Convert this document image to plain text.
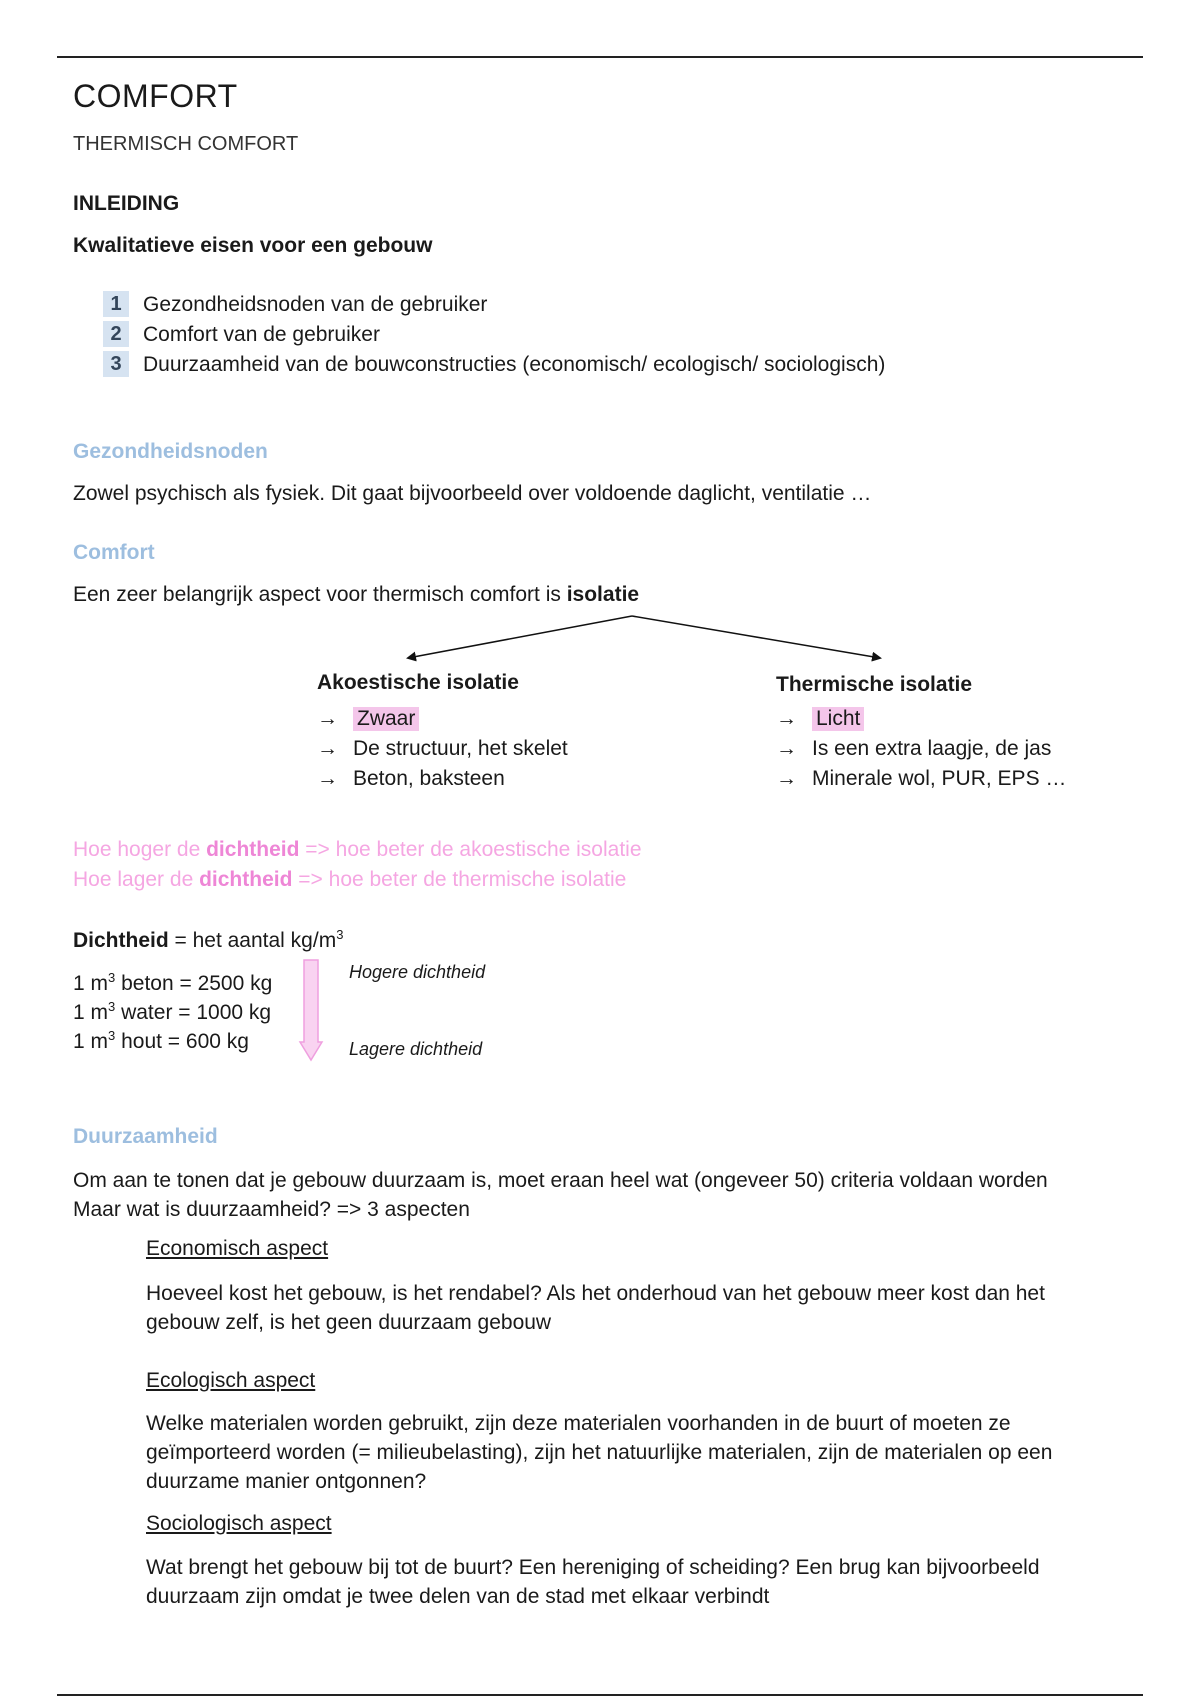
COMFORT
THERMISCH COMFORT
INLEIDING
Kwalitatieve eisen voor een gebouw
1	Gezondheidsnoden van de gebruiker
2	Comfort van de gebruiker
3	Duurzaamheid van de bouwconstructies (economisch/ ecologisch/ sociologisch)
Gezondheidsnoden
Zowel psychisch als fysiek. Dit gaat bijvoorbeeld over voldoende daglicht, ventilatie …
Comfort
Een zeer belangrijk aspect voor thermisch comfort is isolatie
Akoestische isolatie
→ Zwaar
→ De structuur, het skelet
→ Beton, baksteen
Thermische isolatie
→ Licht
→ Is een extra laagje, de jas
→ Minerale wol, PUR, EPS …
Hoe hoger de dichtheid => hoe beter de akoestische isolatie
Hoe lager de dichtheid => hoe beter de thermische isolatie
Dichtheid = het aantal $kg/m^3$
1 $m^3$ beton = 2500 kg
1 $m^3$ water = 1000 kg
1 $m^3$ hout = 600 kg
Hogere dichtheid
Lagere dichtheid
Duurzaamheid
Om aan te tonen dat je gebouw duurzaam is, moet eraan heel wat (ongeveer 50) criteria voldaan worden
Maar wat is duurzaamheid? => 3 aspecten
Economisch aspect
Hoeveel kost het gebouw, is het rendabel? Als het onderhoud van het gebouw meer kost dan het
gebouw zelf, is het geen duurzaam gebouw
Ecologisch aspect
Welke materialen worden gebruikt, zijn deze materialen voorhanden in de buurt of moeten ze
geïmporteerd worden (= milieubelasting), zijn het natuurlijke materialen, zijn de materialen op een
duurzame manier ontgonnen?
Sociologisch aspect
Wat brengt het gebouw bij tot de buurt? Een hereniging of scheiding? Een brug kan bijvoorbeeld
duurzaam zijn omdat je twee delen van de stad met elkaar verbindt
